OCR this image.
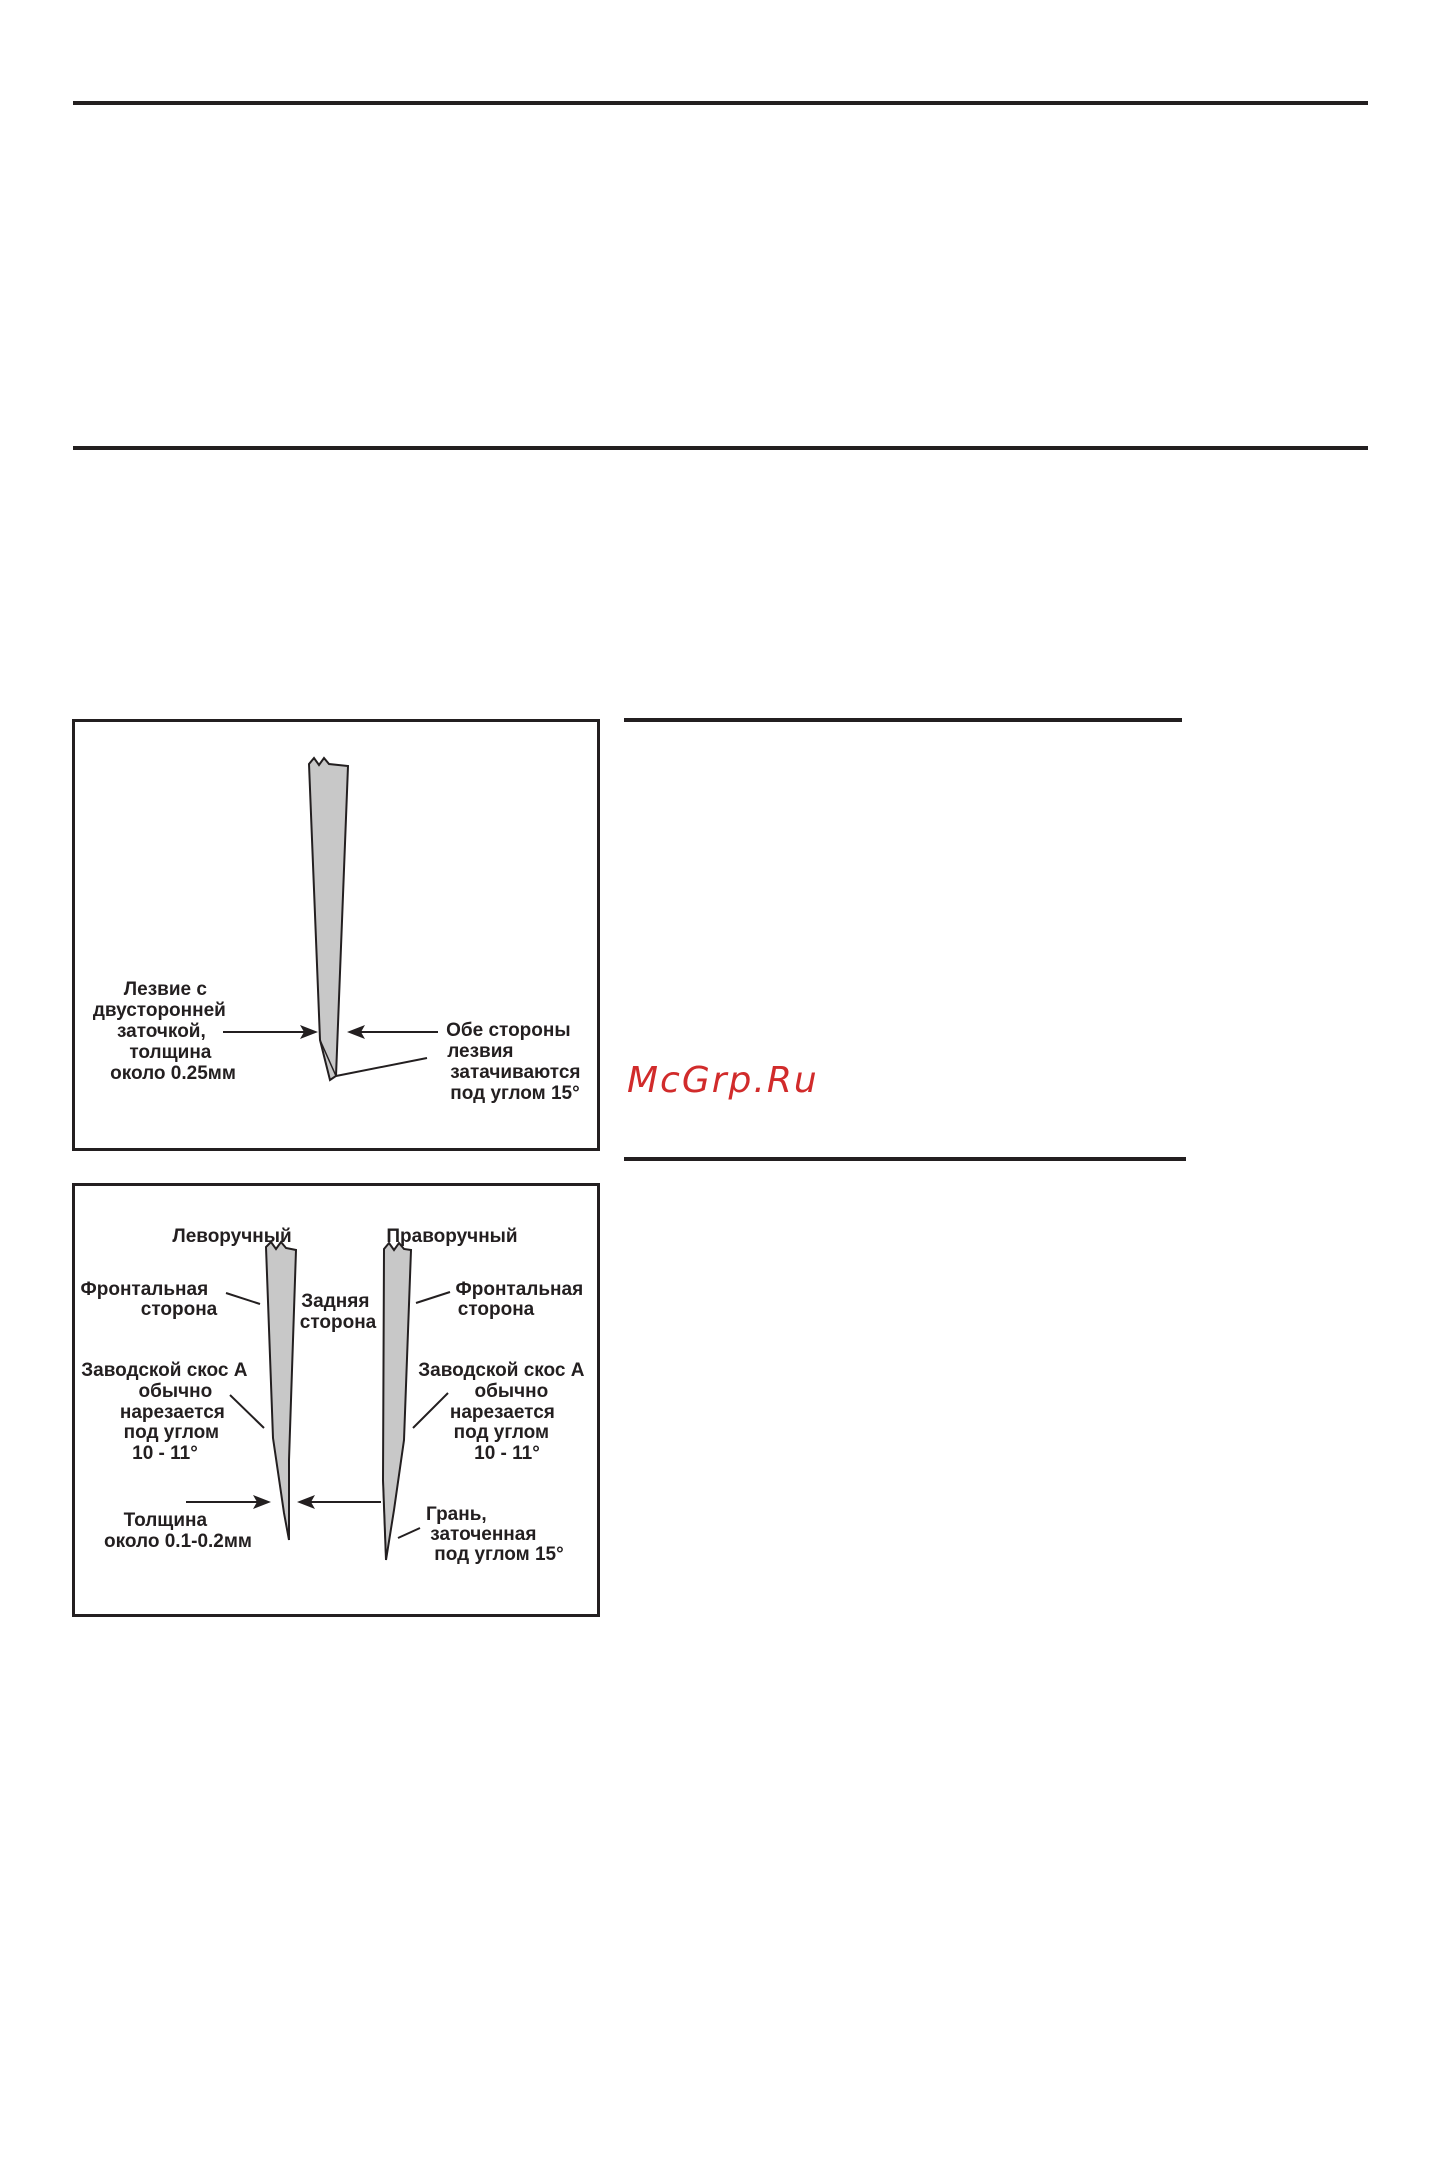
Лезвие с двусторонней заточкой, толщина около 0.25мм
Обе стороны лезвия затачиваются под углом 15°
Леворучный	Праворучный
Фронтальная сторона	Задняя сторона
Фронтальная сторона
Заводской скос А обычно нарезается под углом 10 - 11°
Заводской скос А обычно нарезается под углом 10 - 11°
Толщина около 0.1-0.2мм
Грань, заточенная под углом 15°
McGrp.Ru
